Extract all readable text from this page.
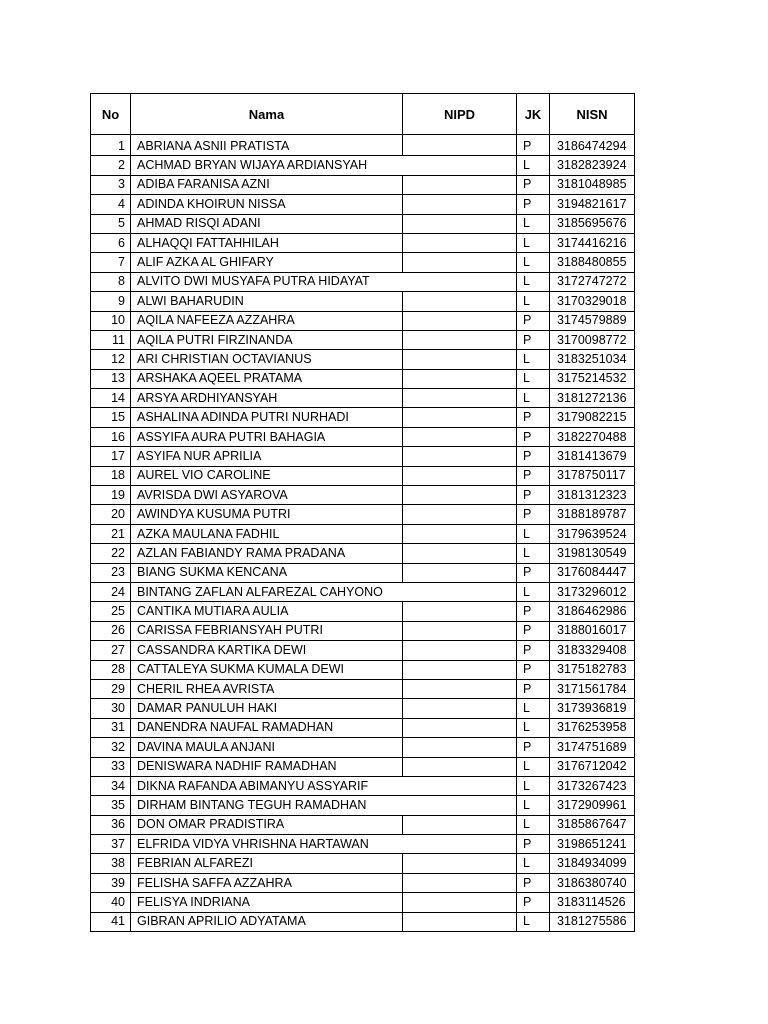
No	Nama	NIPD	JK	NISN
1	ABRIANA ASNII PRATISTA		P	3186474294
2	ACHMAD BRYAN WIJAYA ARDIANSYAH		L	3182823924
3	ADIBA FARANISA AZNI		P	3181048985
4	ADINDA KHOIRUN NISSA		P	3194821617
5	AHMAD RISQI ADANI		L	3185695676
6	ALHAQQI FATTAHHILAH		L	3174416216
7	ALIF AZKA AL GHIFARY		L	3188480855
8	ALVITO DWI MUSYAFA PUTRA HIDAYAT		L	3172747272
9	ALWI BAHARUDIN		L	3170329018
10	AQILA NAFEEZA AZZAHRA		P	3174579889
11	AQILA PUTRI FIRZINANDA		P	3170098772
12	ARI CHRISTIAN OCTAVIANUS		L	3183251034
13	ARSHAKA AQEEL PRATAMA		L	3175214532
14	ARSYA ARDHIYANSYAH		L	3181272136
15	ASHALINA ADINDA PUTRI NURHADI		P	3179082215
16	ASSYIFA AURA PUTRI BAHAGIA		P	3182270488
17	ASYIFA NUR APRILIA		P	3181413679
18	AUREL VIO CAROLINE		P	3178750117
19	AVRISDA DWI ASYAROVA		P	3181312323
20	AWINDYA KUSUMA PUTRI		P	3188189787
21	AZKA MAULANA FADHIL		L	3179639524
22	AZLAN FABIANDY RAMA PRADANA		L	3198130549
23	BIANG SUKMA KENCANA		P	3176084447
24	BINTANG ZAFLAN ALFAREZAL CAHYONO		L	3173296012
25	CANTIKA MUTIARA AULIA		P	3186462986
26	CARISSA FEBRIANSYAH PUTRI		P	3188016017
27	CASSANDRA KARTIKA DEWI		P	3183329408
28	CATTALEYA SUKMA KUMALA DEWI		P	3175182783
29	CHERIL RHEA AVRISTA		P	3171561784
30	DAMAR PANULUH HAKI		L	3173936819
31	DANENDRA NAUFAL RAMADHAN		L	3176253958
32	DAVINA MAULA ANJANI		P	3174751689
33	DENISWARA NADHIF RAMADHAN		L	3176712042
34	DIKNA RAFANDA ABIMANYU ASSYARIF		L	3173267423
35	DIRHAM BINTANG TEGUH RAMADHAN		L	3172909961
36	DON OMAR PRADISTIRA		L	3185867647
37	ELFRIDA VIDYA VHRISHNA HARTAWAN		P	3198651241
38	FEBRIAN ALFAREZI		L	3184934099
39	FELISHA SAFFA AZZAHRA		P	3186380740
40	FELISYA INDRIANA		P	3183114526
41	GIBRAN APRILIO ADYATAMA		L	3181275586
